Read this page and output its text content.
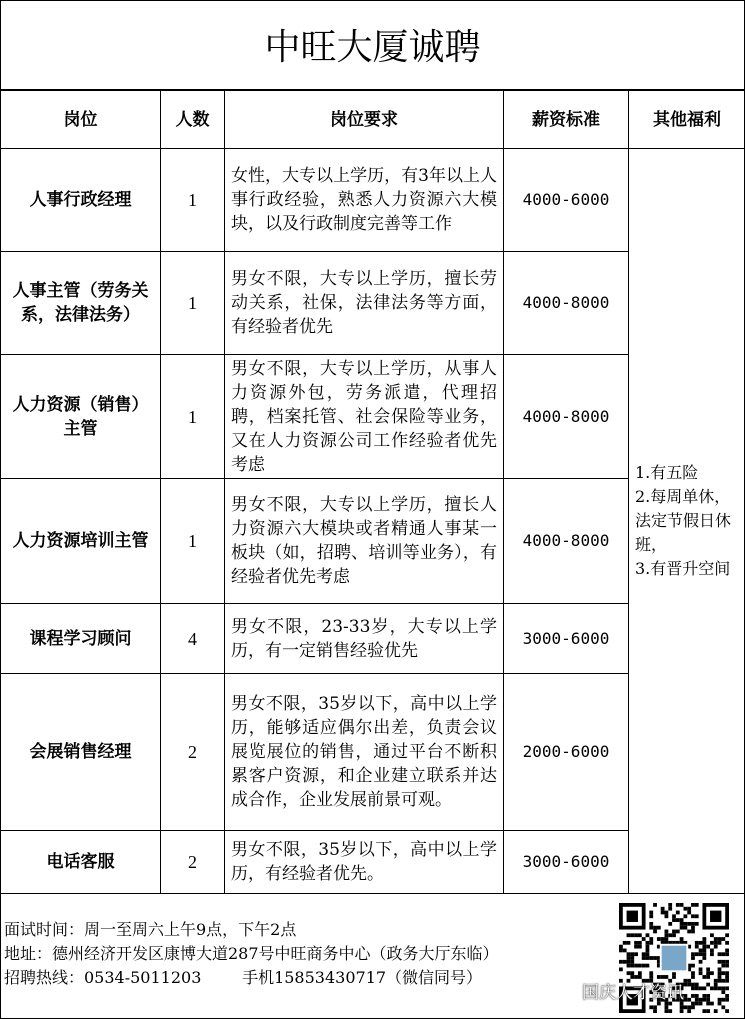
中旺大厦诚聘
岗位	人数	岗位要求	薪资标准	其他福利
人事行政经理	1	女性，大专以上学历，有3年以上人事行政经验，熟悉人力资源六大模块，以及行政制度完善等工作	4000-6000	1.有五险
2.每周单休，法定节假日休班，
3.有晋升空间
人事主管（劳务关系，法律法务）	1	男女不限，大专以上学历，擅长劳动关系，社保，法律法务等方面，有经验者优先	4000-8000	
人力资源（销售）主管	1	男女不限，大专以上学历，从事人力资源外包，劳务派遣，代理招聘，档案托管、社会保险等业务，又在人力资源公司工作经验者优先考虑	4000-8000	
人力资源培训主管	1	男女不限，大专以上学历，擅长人力资源六大模块或者精通人事某一板块（如，招聘、培训等业务），有经验者优先考虑	4000-8000	
课程学习顾问	4	男女不限，23-33岁，大专以上学历，有一定销售经验优先	3000-6000	
会展销售经理	2	男女不限，35岁以下，高中以上学历，能够适应偶尔出差，负责会议展览展位的销售，通过平台不断积累客户资源，和企业建立联系并达成合作，企业发展前景可观。	2000-6000	
电话客服	2	男女不限，35岁以下，高中以上学历，有经验者优先。	3000-6000	
面试时间：周一至周六上午9点，下午2点
地址：德州经济开发区康博大道287号中旺商务中心（政务大厅东临）
招聘热线：0534-5011203        手机15853430717（微信同号）
国庆人才资讯
